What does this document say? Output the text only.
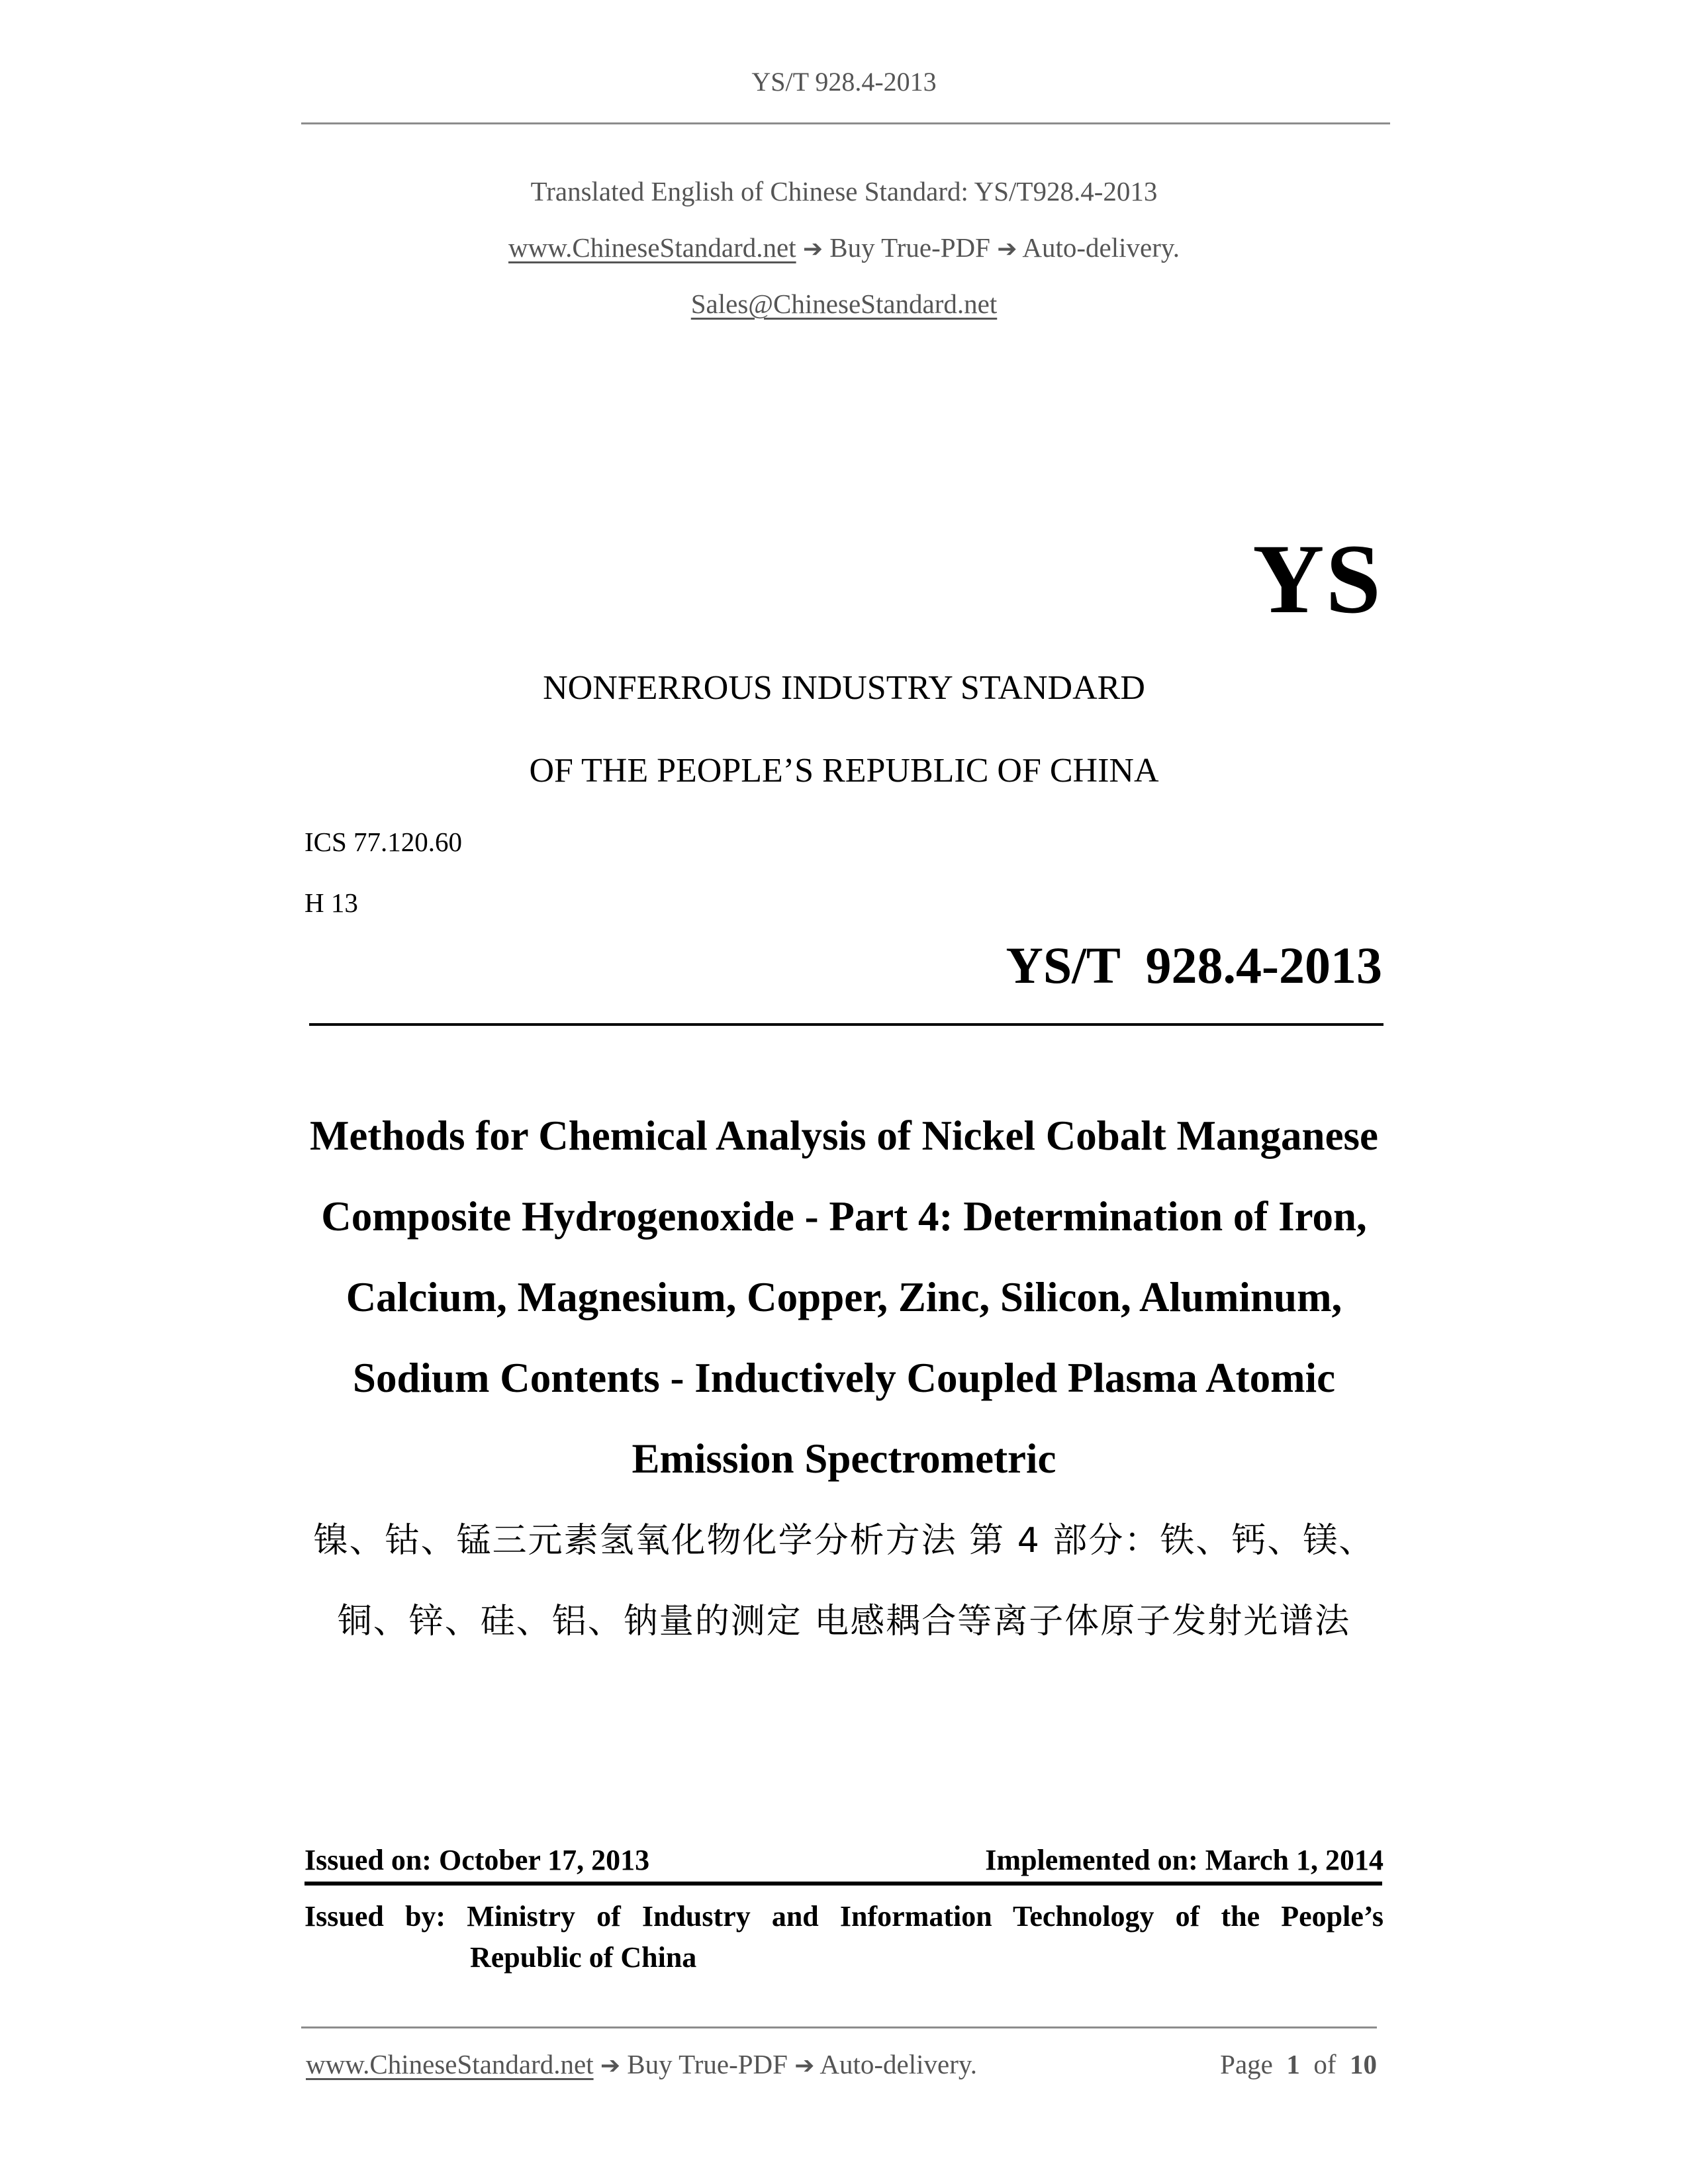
YS/T 928.4-2013
Translated English of Chinese Standard: YS/T928.4-2013
www.ChineseStandard.net ➔ Buy True-PDF ➔ Auto-delivery.
Sales@ChineseStandard.net
YS
NONFERROUS INDUSTRY STANDARD
OF THE PEOPLE’S REPUBLIC OF CHINA
ICS 77.120.60
H 13
YS/T  928.4-2013
Methods for Chemical Analysis of Nickel Cobalt Manganese
Composite Hydrogenoxide - Part 4: Determination of Iron,
Calcium, Magnesium, Copper, Zinc, Silicon, Aluminum,
Sodium Contents - Inductively Coupled Plasma Atomic
Emission Spectrometric
镍、钴、锰三元素氢氧化物化学分析方法 第 4 部分：铁、钙、镁、
铜、锌、硅、铝、钠量的测定 电感耦合等离子体原子发射光谱法
Issued on: October 17, 2013	Implemented on: March 1, 2014
Issued by: Ministry of Industry and Information Technology of the People’s
Republic of China
www.ChineseStandard.net ➔ Buy True-PDF ➔ Auto-delivery.	Page 1 of 10
